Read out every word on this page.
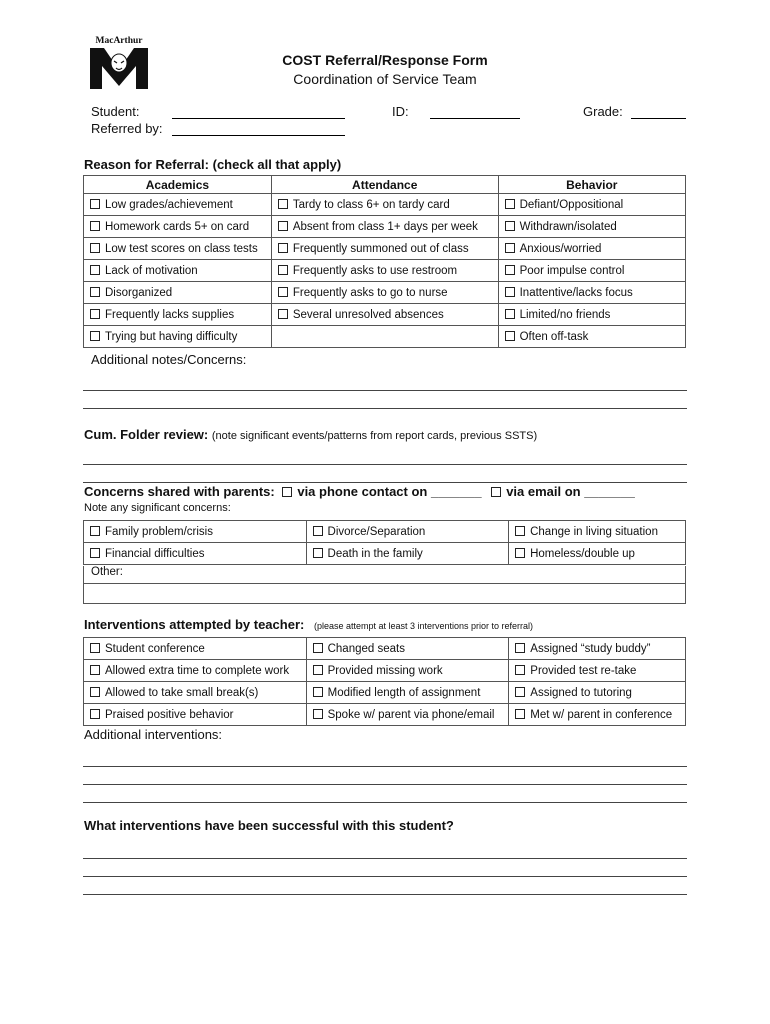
MacArthur
COST Referral/Response Form
Coordination of Service Team
Student:	ID:	Grade:
Referred by:
Reason for Referral: (check all that apply)
Academics	Attendance	Behavior
Low grades/achievement	Tardy to class 6+ on tardy card	Defiant/Oppositional
Homework cards 5+ on card	Absent from class 1+ days per week	Withdrawn/isolated
Low test scores on class tests	Frequently summoned out of class	Anxious/worried
Lack of motivation	Frequently asks to use restroom	Poor impulse control
Disorganized	Frequently asks to go to nurse	Inattentive/lacks focus
Frequently lacks supplies	Several unresolved absences	Limited/no friends
Trying but having difficulty		Often off-task
Additional notes/Concerns:
Cum. Folder review: (note significant events/patterns from report cards, previous SSTS)
Concerns shared with parents: via phone contact on _______ via email on _______
Note any significant concerns:
Family problem/crisis	Divorce/Separation	Change in living situation
Financial difficulties	Death in the family	Homeless/double up
Other:
Interventions attempted by teacher: (please attempt at least 3 interventions prior to referral)
Student conference	Changed seats	Assigned “study buddy”
Allowed extra time to complete work	Provided missing work	Provided test re-take
Allowed to take small break(s)	Modified length of assignment	Assigned to tutoring
Praised positive behavior	Spoke w/ parent via phone/email	Met w/ parent in conference
Additional interventions:
What interventions have been successful with this student?
